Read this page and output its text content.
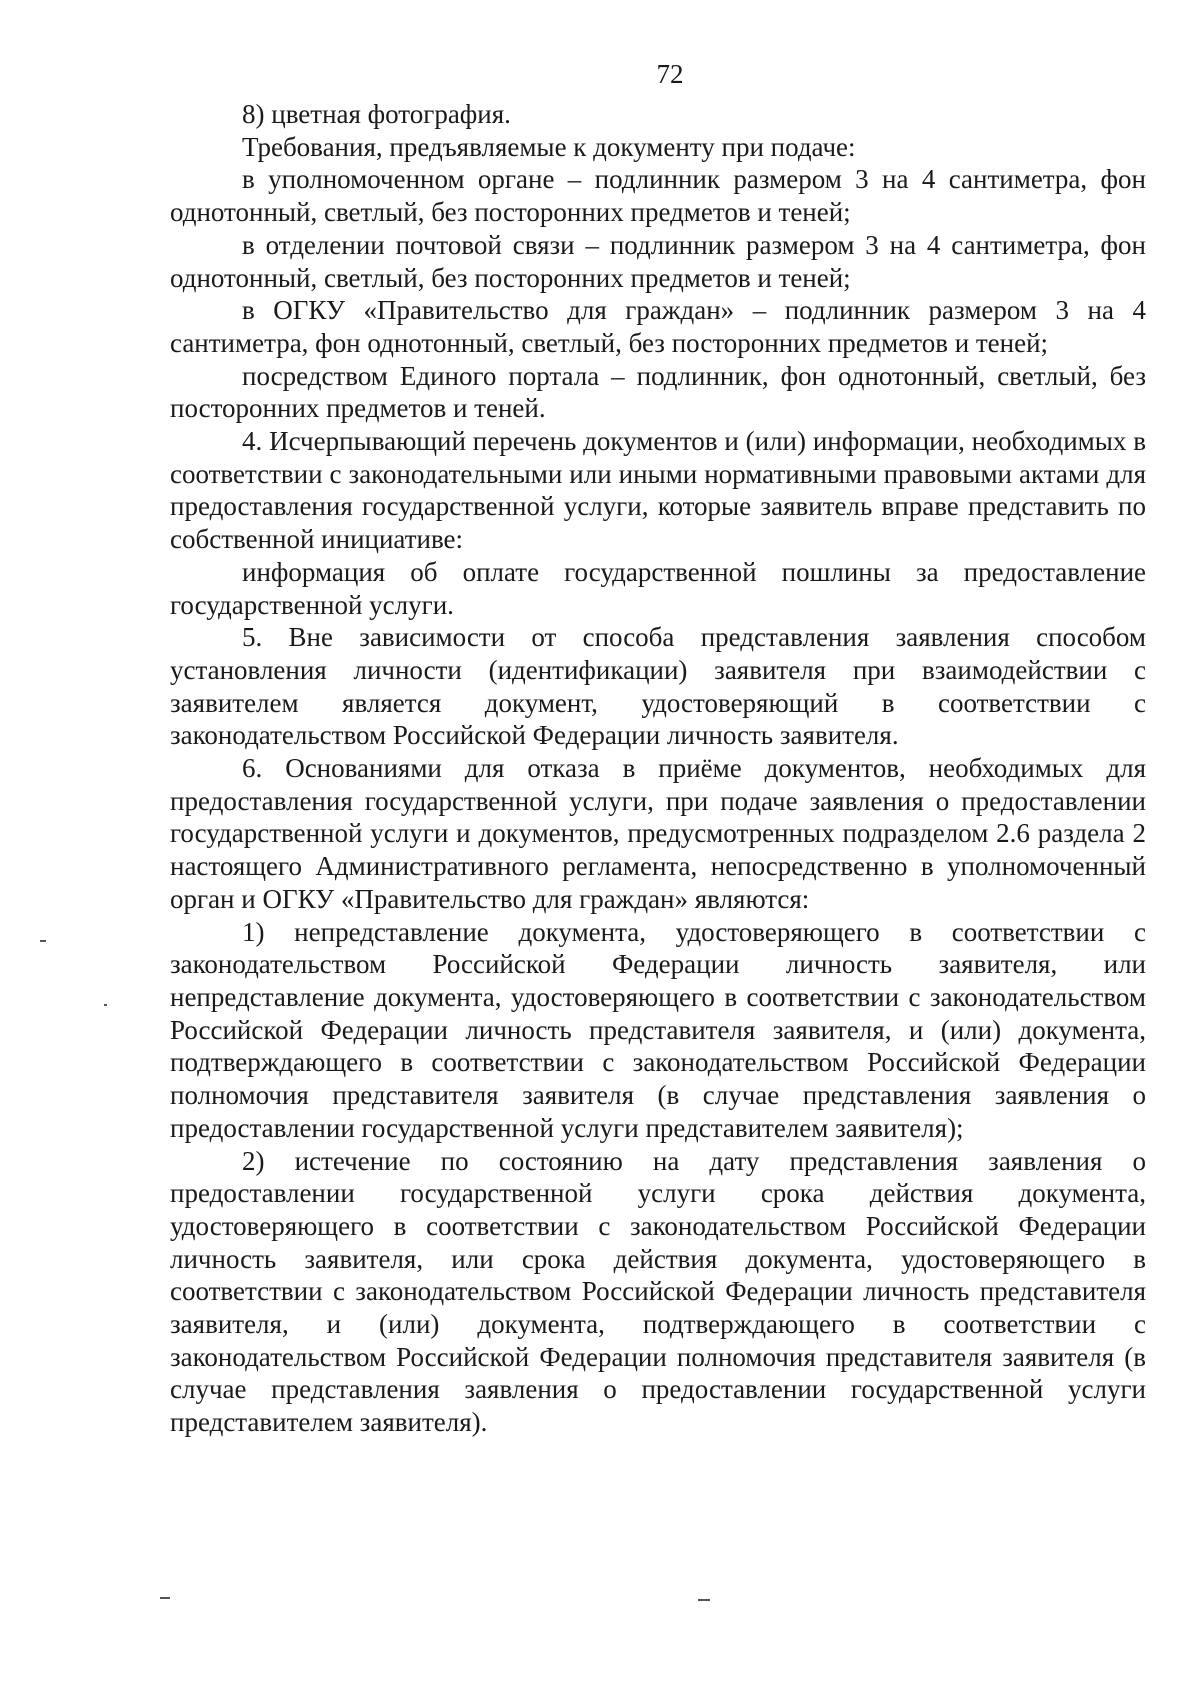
72

8) цветная фотография.

Требования, предъявляемые к документу при подаче:

в уполномоченном органе – подлинник размером 3 на 4 сантиметра, фон однотонный, светлый, без посторонних предметов и теней;

в отделении почтовой связи – подлинник размером 3 на 4 сантиметра, фон однотонный, светлый, без посторонних предметов и теней;

в ОГКУ «Правительство для граждан» – подлинник размером 3 на 4 сантиметра, фон однотонный, светлый, без посторонних предметов и теней;

посредством Единого портала – подлинник, фон однотонный, светлый, без посторонних предметов и теней.

4. Исчерпывающий перечень документов и (или) информации, необходимых в соответствии с законодательными или иными нормативными правовыми актами для предоставления государственной услуги, которые заявитель вправе представить по собственной инициативе:

информация об оплате государственной пошлины за предоставление государственной услуги.

5. Вне зависимости от способа представления заявления способом установления личности (идентификации) заявителя при взаимодействии с заявителем является документ, удостоверяющий в соответствии с законодательством Российской Федерации личность заявителя.

6. Основаниями для отказа в приёме документов, необходимых для предоставления государственной услуги, при подаче заявления о предоставлении государственной услуги и документов, предусмотренных подразделом 2.6 раздела 2 настоящего Административного регламента, непосредственно в уполномоченный орган и ОГКУ «Правительство для граждан» являются:

1) непредставление документа, удостоверяющего в соответствии с законодательством Российской Федерации личность заявителя, или непредставление документа, удостоверяющего в соответствии с законодательством Российской Федерации личность представителя заявителя, и (или) документа, подтверждающего в соответствии с законодательством Российской Федерации полномочия представителя заявителя (в случае представления заявления о предоставлении государственной услуги представителем заявителя);

2) истечение по состоянию на дату представления заявления о предоставлении государственной услуги срока действия документа, удостоверяющего в соответствии с законодательством Российской Федерации личность заявителя, или срока действия документа, удостоверяющего в соответствии с законодательством Российской Федерации личность представителя заявителя, и (или) документа, подтверждающего в соответствии с законодательством Российской Федерации полномочия представителя заявителя (в случае представления заявления о предоставлении государственной услуги представителем заявителя).
